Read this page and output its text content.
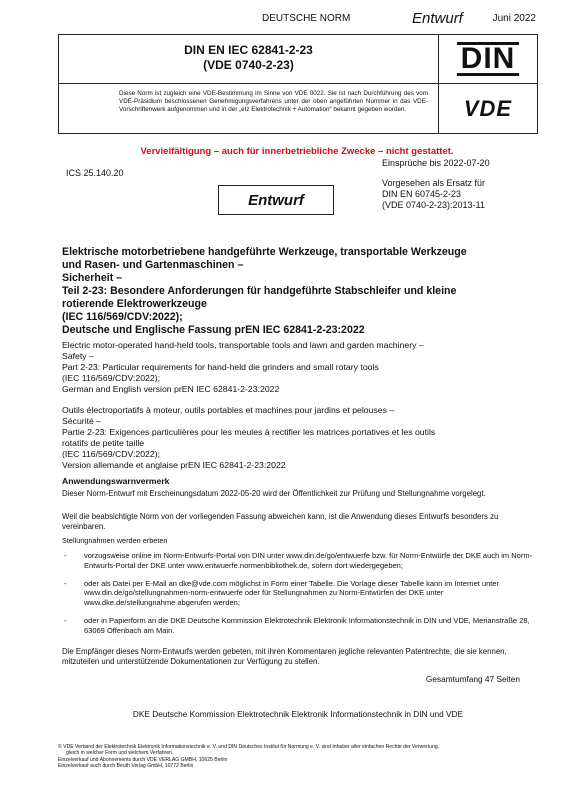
DEUTSCHE NORM	Entwurf	Juni 2022
DIN EN IEC 62841-2-23
(VDE 0740-2-23)	DIN
Diese Norm ist zugleich eine VDE-Bestimmung im Sinne von VDE 0022. Sie ist nach Durchführung des vom VDE-Präsidium beschlossenen Genehmigungsverfahrens unter der oben angeführten Nummer in das VDE-Vorschriftenwerk aufgenommen und in der „etz Elektrotechnik + Automation“ bekannt gegeben worden.	VDE
Vervielfältigung – auch für innerbetriebliche Zwecke – nicht gestattet.
Einsprüche bis 2022-07-20
ICS 25.140.20
Entwurf
Vorgesehen als Ersatz für
DIN EN 60745-2-23
(VDE 0740-2-23):2013-11
Elektrische motorbetriebene handgeführte Werkzeuge, transportable Werkzeuge
und Rasen- und Gartenmaschinen –
Sicherheit –
Teil 2-23: Besondere Anforderungen für handgeführte Stabschleifer und kleine
rotierende Elektrowerkzeuge
(IEC 116/569/CDV:2022);
Deutsche und Englische Fassung prEN IEC 62841-2-23:2022
Electric motor-operated hand-held tools, transportable tools and lawn and garden machinery –
Safety –
Part 2-23: Particular requirements for hand-held die grinders and small rotary tools
(IEC 116/569/CDV:2022);
German and English version prEN IEC 62841-2-23:2022
Outils électroportatifs à moteur, outils portables et machines pour jardins et pelouses –
Sécurité –
Partie 2-23: Exigences particulières pour les meules à rectifier les matrices portatives et les outils
rotatifs de petite taille
(IEC 116/569/CDV:2022);
Version allemande et anglaise prEN IEC 62841-2-23:2022
Anwendungswarnvermerk
Dieser Norm-Entwurf mit Erscheinungsdatum 2022-05-20 wird der Öffentlichkeit zur Prüfung und Stellungnahme vorgelegt.
Weil die beabsichtigte Norm von der vorliegenden Fassung abweichen kann, ist die Anwendung dieses Entwurfs besonders zu vereinbaren.
Stellungnahmen werden erbeten
- vorzugsweise online im Norm-Entwurfs-Portal von DIN unter www.din.de/go/entwuerfe bzw. für Norm-Entwürfe der DKE auch im Norm-Entwurfs-Portal der DKE unter www.entwuerfe.normenbibliothek.de, sofern dort wiedergegeben;
- oder als Datei per E-Mail an dke@vde.com möglichst in Form einer Tabelle. Die Vorlage dieser Tabelle kann im Internet unter www.din.de/go/stellungnahmen-norm-entwuerfe oder für Stellungnahmen zu Norm-Entwürfen der DKE unter www.dke.de/stellungnahme abgerufen werden;
- oder in Papierform an die DKE Deutsche Kommission Elektrotechnik Elektronik Informationstechnik in DIN und VDE, Merianstraße 28, 63069 Offenbach am Main.
Die Empfänger dieses Norm-Entwurfs werden gebeten, mit ihren Kommentaren jegliche relevanten Patentrechte, die sie kennen, mitzuteilen und unterstützende Dokumentationen zur Verfügung zu stellen.
Gesamtumfang 47 Seiten
DKE Deutsche Kommission Elektrotechnik Elektronik Informationstechnik in DIN und VDE
© VDE Verband der Elektrotechnik Elektronik Informationstechnik e. V. und DIN Deutsches Institut für Normung e. V. sind Inhaber aller einfachen Rechte der Verwertung,
gleich in welcher Form und welchem Verfahren.
Einzelverkauf und Abonnements durch VDE VERLAG GMBH, 10625 Berlin
Einzelverkauf auch durch Beuth Verlag GmbH, 10772 Berlin
